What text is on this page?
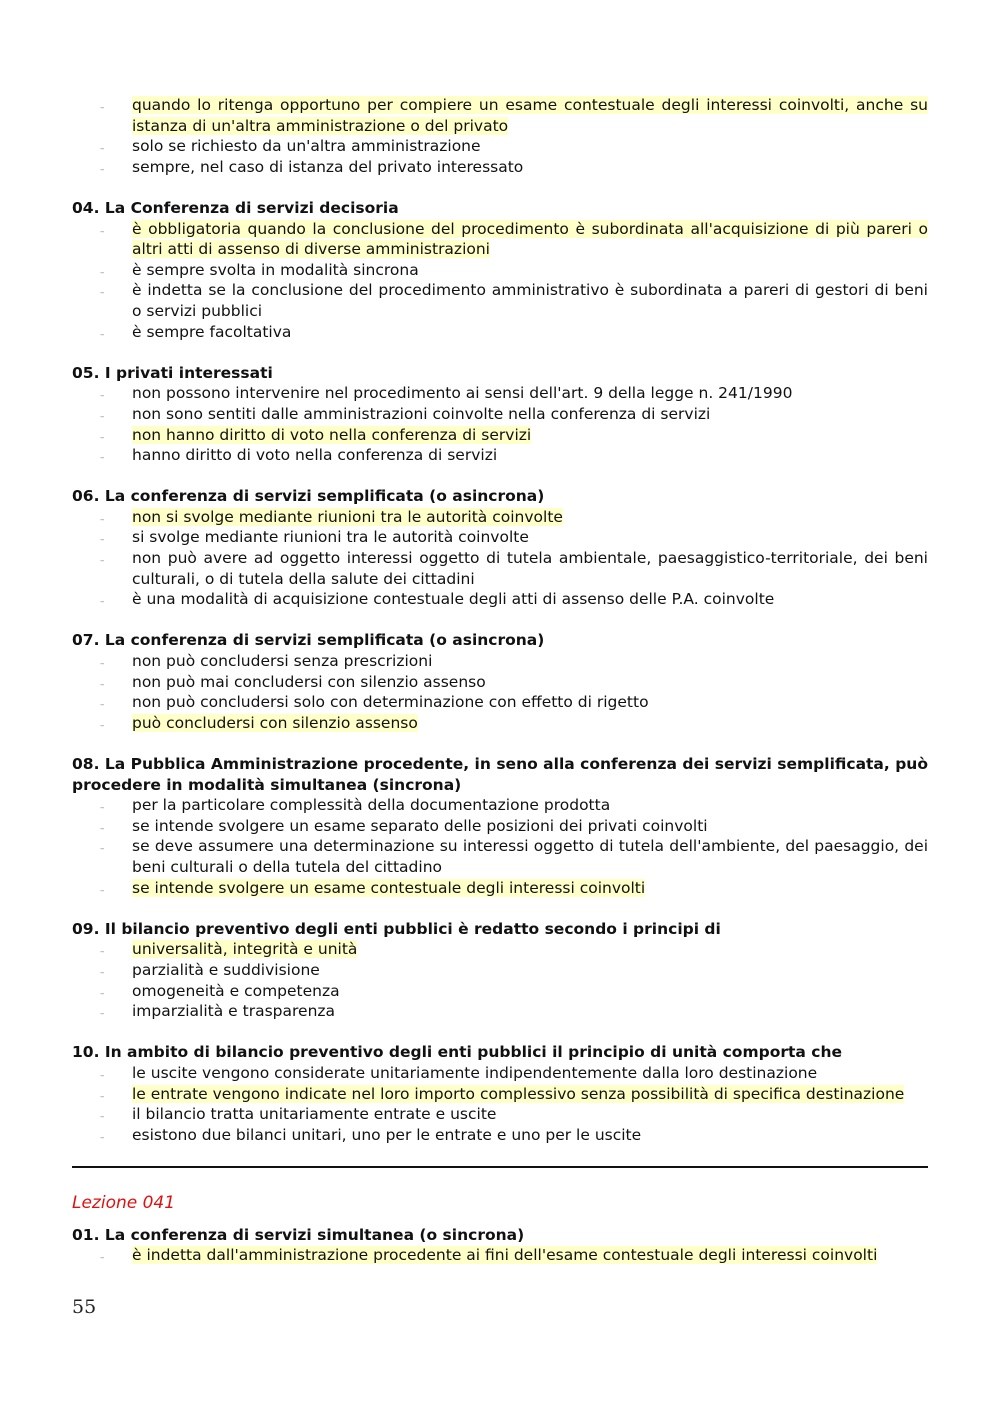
– quando lo ritenga opportuno per compiere un esame contestuale degli interessi coinvolti, anche su istanza di un'altra amministrazione o del privato
– solo se richiesto da un'altra amministrazione
– sempre, nel caso di istanza del privato interessato
04. La Conferenza di servizi decisoria
– è obbligatoria quando la conclusione del procedimento è subordinata all'acquisizione di più pareri o altri atti di assenso di diverse amministrazioni
– è sempre svolta in modalità sincrona
– è indetta se la conclusione del procedimento amministrativo è subordinata a pareri di gestori di beni o servizi pubblici
– è sempre facoltativa
05. I privati interessati
– non possono intervenire nel procedimento ai sensi dell'art. 9 della legge n. 241/1990
– non sono sentiti dalle amministrazioni coinvolte nella conferenza di servizi
– non hanno diritto di voto nella conferenza di servizi
– hanno diritto di voto nella conferenza di servizi
06. La conferenza di servizi semplificata (o asincrona)
– non si svolge mediante riunioni tra le autorità coinvolte
– si svolge mediante riunioni tra le autorità coinvolte
– non può avere ad oggetto interessi oggetto di tutela ambientale, paesaggistico-territoriale, dei beni culturali, o di tutela della salute dei cittadini
– è una modalità di acquisizione contestuale degli atti di assenso delle P.A. coinvolte
07. La conferenza di servizi semplificata (o asincrona)
– non può concludersi senza prescrizioni
– non può mai concludersi con silenzio assenso
– non può concludersi solo con determinazione con effetto di rigetto
– può concludersi con silenzio assenso
08. La Pubblica Amministrazione procedente, in seno alla conferenza dei servizi semplificata, può procedere in modalità simultanea (sincrona)
– per la particolare complessità della documentazione prodotta
– se intende svolgere un esame separato delle posizioni dei privati coinvolti
– se deve assumere una determinazione su interessi oggetto di tutela dell'ambiente, del paesaggio, dei beni culturali o della tutela del cittadino
– se intende svolgere un esame contestuale degli interessi coinvolti
09. Il bilancio preventivo degli enti pubblici è redatto secondo i principi di
– universalità, integrità e unità
– parzialità e suddivisione
– omogeneità e competenza
– imparzialità e trasparenza
10. In ambito di bilancio preventivo degli enti pubblici il principio di unità comporta che
– le uscite vengono considerate unitariamente indipendentemente dalla loro destinazione
– le entrate vengono indicate nel loro importo complessivo senza possibilità di specifica destinazione
– il bilancio tratta unitariamente entrate e uscite
– esistono due bilanci unitari, uno per le entrate e uno per le uscite
Lezione 041
01. La conferenza di servizi simultanea (o sincrona)
– è indetta dall'amministrazione procedente ai fini dell'esame contestuale degli interessi coinvolti
55
